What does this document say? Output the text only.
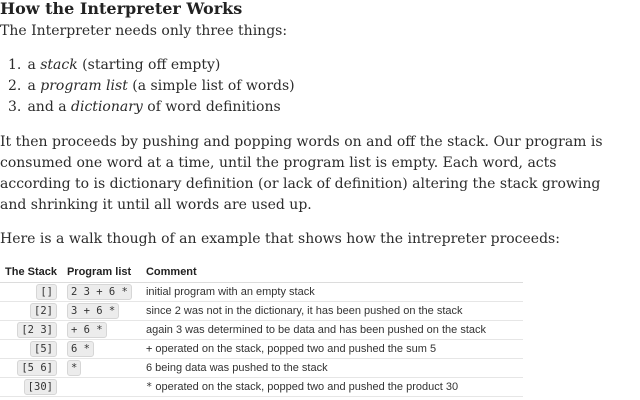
How the Interpreter Works

The Interpreter needs only three things:

1. a stack (starting off empty)
2. a program list (a simple list of words)
3. and a dictionary of word definitions
It then proceeds by pushing and popping words on and off the stack. Our program is
consumed one word at a time, until the program list is empty. Each word, acts
according to is dictionary definition (or lack of definition) altering the stack growing
and shrinking it until all words are used up.

Here is a walk though of an example that shows how the intrepreter proceeds:

The Stack	Program list	Comment
[]	2 3 + 6 *	initial program with an empty stack
[2]	3 + 6 *	since 2 was not in the dictionary, it has been pushed on the stack
[2 3]	+ 6 *	again 3 was determined to be data and has been pushed on the stack
[5]	6 *	+ operated on the stack, popped two and pushed the sum 5
[5 6]	*	6 being data was pushed to the stack
[30]		* operated on the stack, popped two and pushed the product 30
